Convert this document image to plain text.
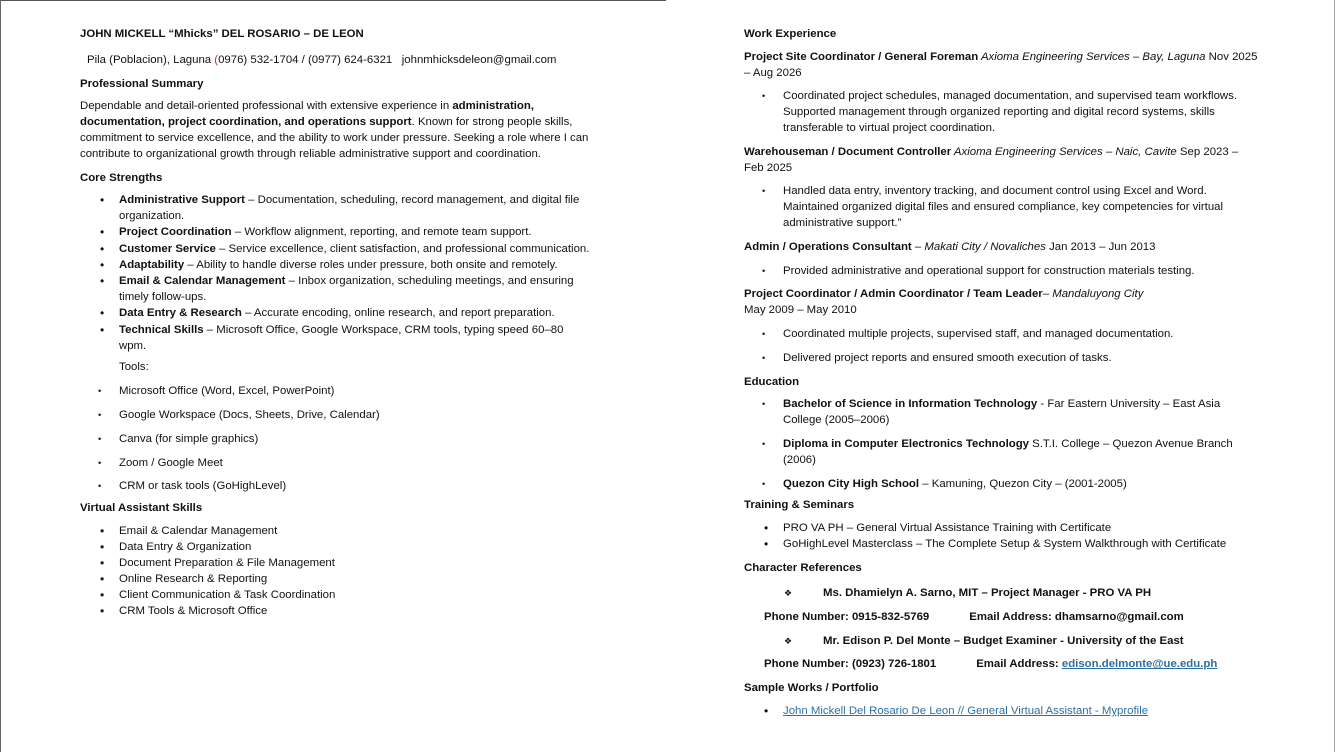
JOHN MICKELL “Mhicks” DEL ROSARIO – DE LEON
Pila (Poblacion), Laguna (0976) 532-1704 / (0977) 624-6321 johnmhicksdeleon@gmail.com
Professional Summary

Dependable and detail-oriented professional with extensive experience in administration, documentation, project coordination, and operations support. Known for strong people skills, commitment to service excellence, and the ability to work under pressure. Seeking a role where I can contribute to organizational growth through reliable administrative support and coordination.

Core Strengths
• Administrative Support – Documentation, scheduling, record management, and digital file organization.
• Project Coordination – Workflow alignment, reporting, and remote team support.
• Customer Service – Service excellence, client satisfaction, and professional communication.
• Adaptability – Ability to handle diverse roles under pressure, both onsite and remotely.
• Email & Calendar Management – Inbox organization, scheduling meetings, and ensuring timely follow-ups.
• Data Entry & Research – Accurate encoding, online research, and report preparation.
• Technical Skills – Microsoft Office, Google Workspace, CRM tools, typing speed 60–80 wpm.
Tools:
• Microsoft Office (Word, Excel, PowerPoint)
• Google Workspace (Docs, Sheets, Drive, Calendar)
• Canva (for simple graphics)
• Zoom / Google Meet
• CRM or task tools (GoHighLevel)
Virtual Assistant Skills
• Email & Calendar Management
• Data Entry & Organization
• Document Preparation & File Management
• Online Research & Reporting
• Client Communication & Task Coordination
• CRM Tools & Microsoft Office
Work Experience
Project Site Coordinator / General Foreman Axioma Engineering Services – Bay, Laguna Nov 2025 – Aug 2026
• Coordinated project schedules, managed documentation, and supervised team workflows. Supported management through organized reporting and digital record systems, skills transferable to virtual project coordination.
Warehouseman / Document Controller Axioma Engineering Services – Naic, Cavite Sep 2023 – Feb 2025
• Handled data entry, inventory tracking, and document control using Excel and Word. Maintained organized digital files and ensured compliance, key competencies for virtual administrative support.”
Admin / Operations Consultant – Makati City / Novaliches Jan 2013 – Jun 2013
• Provided administrative and operational support for construction materials testing.
Project Coordinator / Admin Coordinator / Team Leader– Mandaluyong City May 2009 – May 2010
• Coordinated multiple projects, supervised staff, and managed documentation.
• Delivered project reports and ensured smooth execution of tasks.
Education
• Bachelor of Science in Information Technology - Far Eastern University – East Asia College (2005–2006)
• Diploma in Computer Electronics Technology S.T.I. College – Quezon Avenue Branch (2006)
• Quezon City High School – Kamuning, Quezon City – (2001-2005)
Training & Seminars
• PRO VA PH – General Virtual Assistance Training with Certificate
• GoHighLevel Masterclass – The Complete Setup & System Walkthrough with Certificate
Character References
❖ Ms. Dhamielyn A. Sarno, MIT – Project Manager - PRO VA PH
Phone Number: 0915-832-5769	Email Address: dhamsarno@gmail.com
❖ Mr. Edison P. Del Monte – Budget Examiner - University of the East
Phone Number: (0923) 726-1801	Email Address: edison.delmonte@ue.edu.ph
Sample Works / Portfolio
• John Mickell Del Rosario De Leon // General Virtual Assistant - Myprofile
